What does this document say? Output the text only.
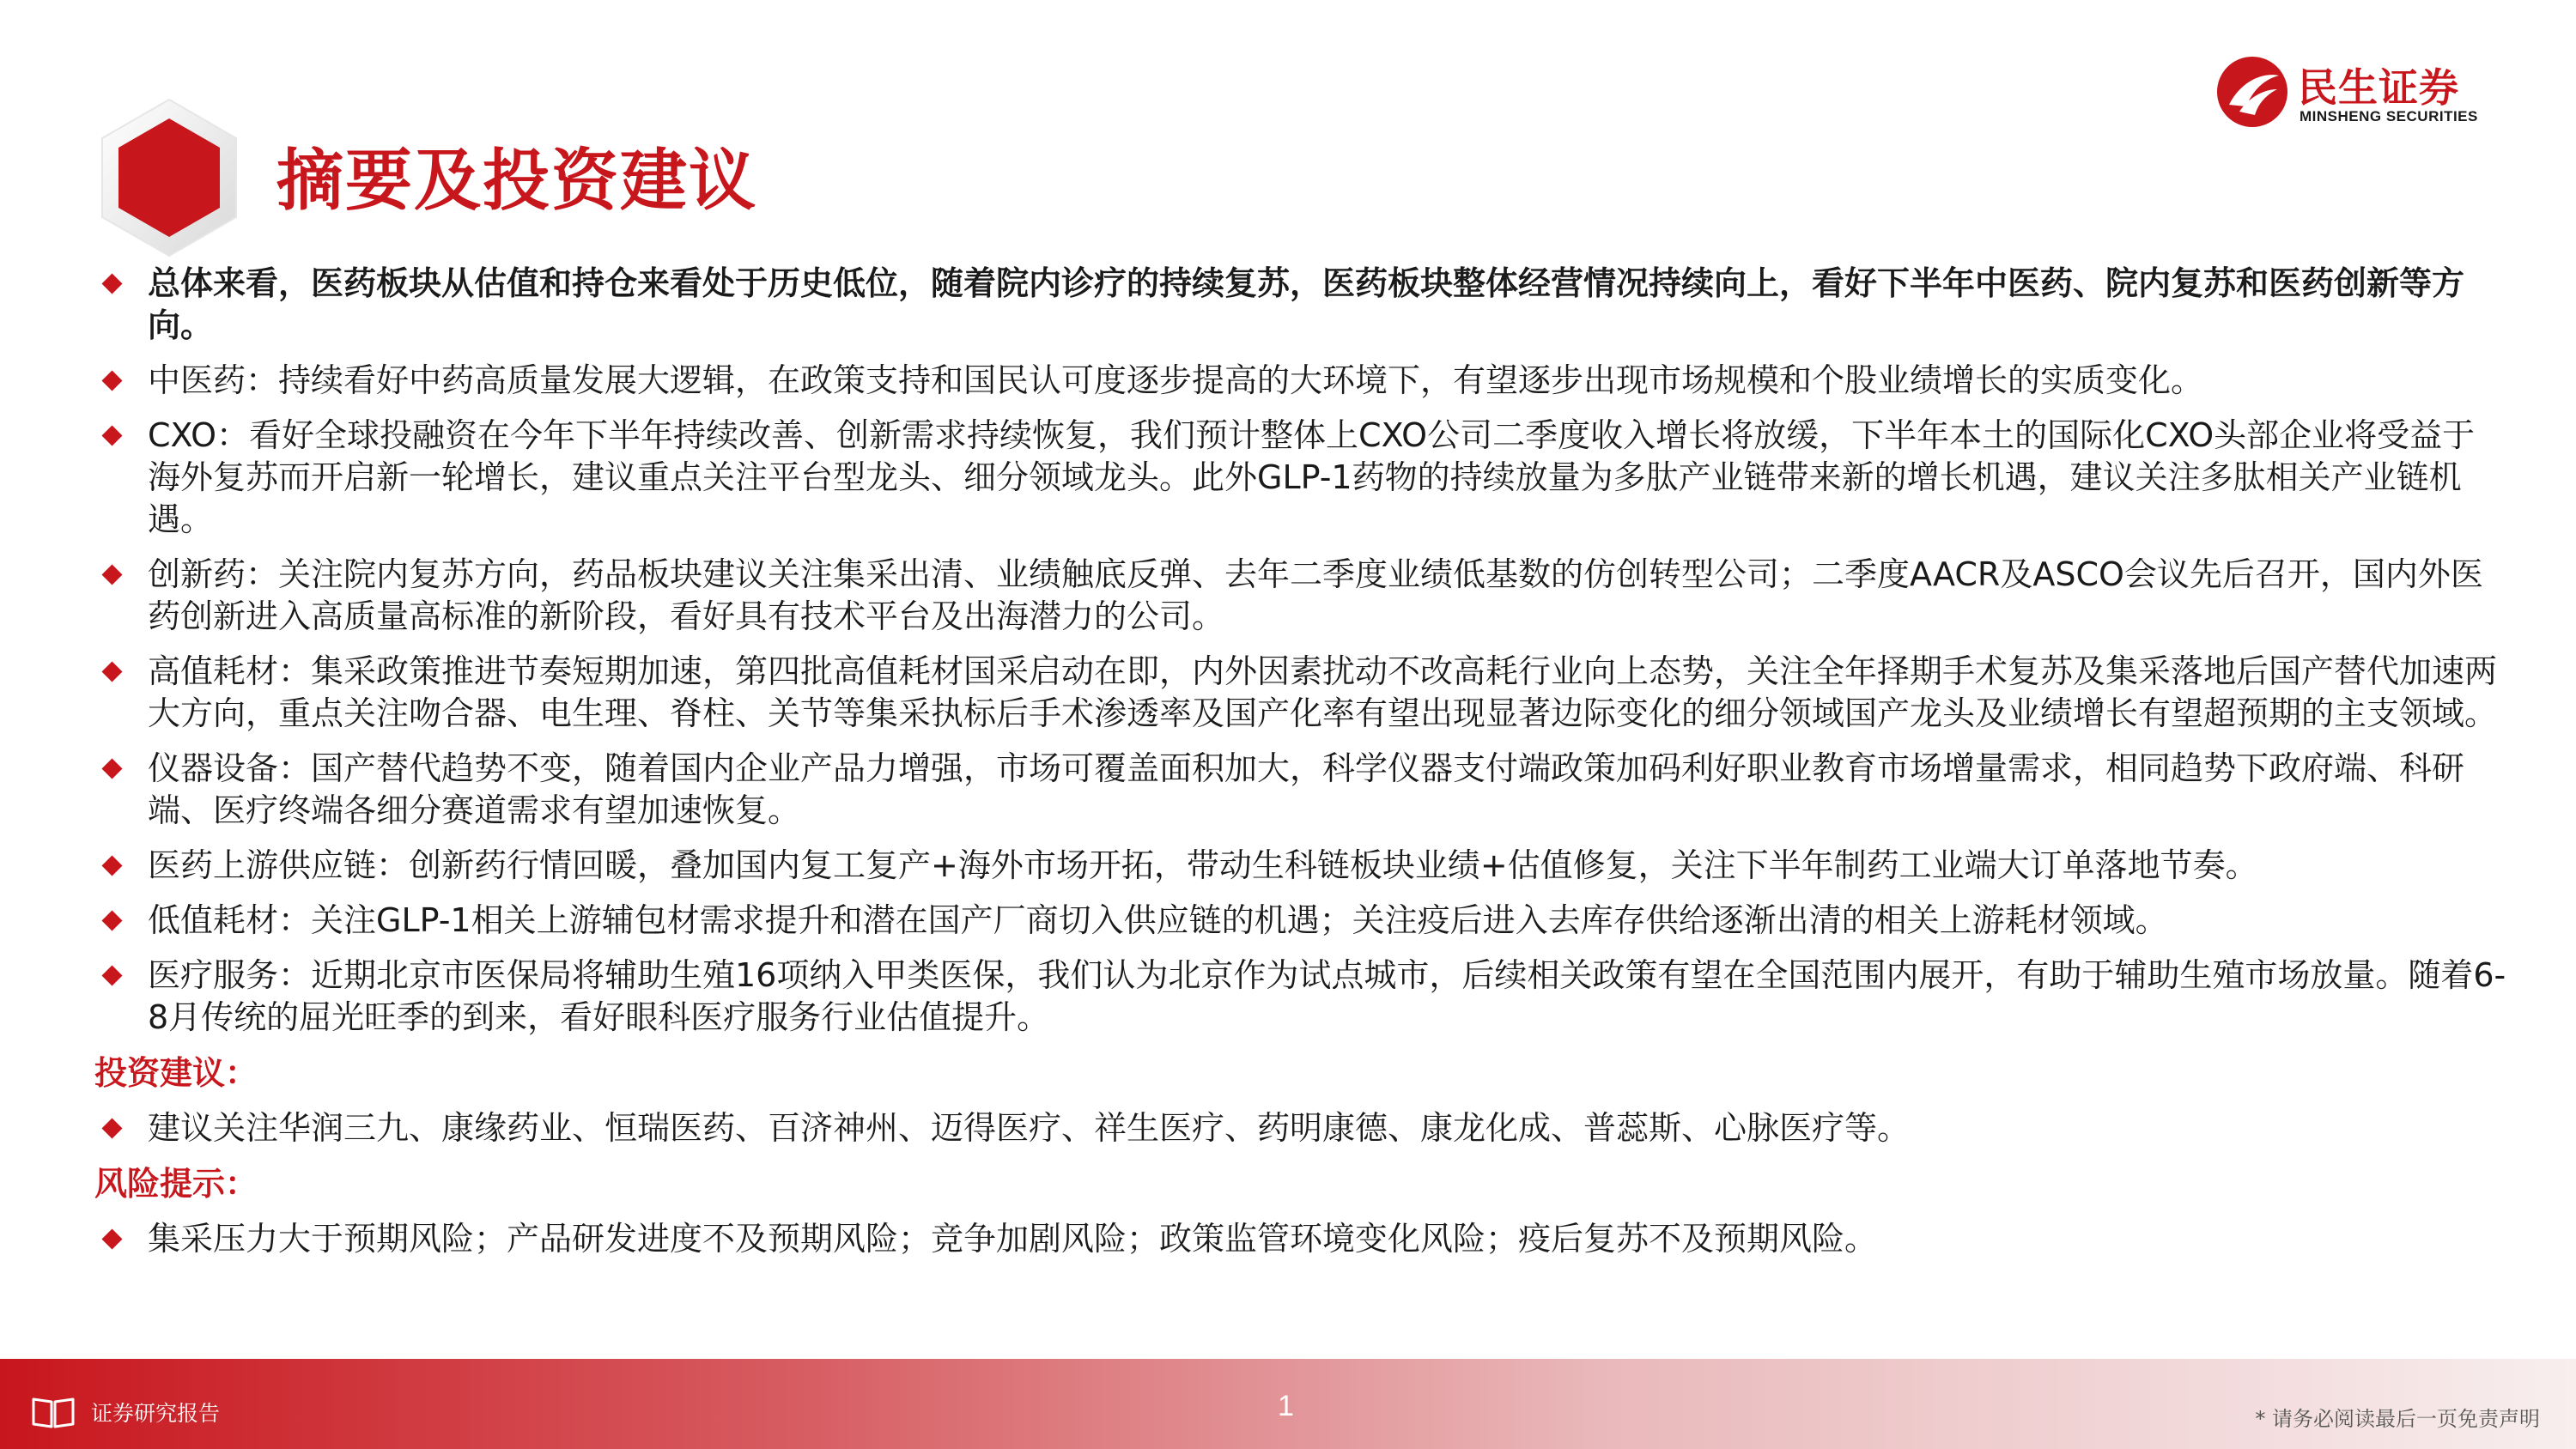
摘要及投资建议
民生证券
MINSHENG SECURITIES
总体来看，医药板块从估值和持仓来看处于历史低位，随着院内诊疗的持续复苏，医药板块整体经营情况持续向上，看好下半年中医药、院内复苏和医药创新等方向。
中医药：持续看好中药高质量发展大逻辑，在政策支持和国民认可度逐步提高的大环境下，有望逐步出现市场规模和个股业绩增长的实质变化。
CXO：看好全球投融资在今年下半年持续改善、创新需求持续恢复，我们预计整体上CXO公司二季度收入增长将放缓，下半年本土的国际化CXO头部企业将受益于海外复苏而开启新一轮增长，建议重点关注平台型龙头、细分领域龙头。此外GLP-1药物的持续放量为多肽产业链带来新的增长机遇，建议关注多肽相关产业链机遇。
创新药：关注院内复苏方向，药品板块建议关注集采出清、业绩触底反弹、去年二季度业绩低基数的仿创转型公司；二季度AACR及ASCO会议先后召开，国内外医药创新进入高质量高标准的新阶段，看好具有技术平台及出海潜力的公司。
高值耗材：集采政策推进节奏短期加速，第四批高值耗材国采启动在即，内外因素扰动不改高耗行业向上态势，关注全年择期手术复苏及集采落地后国产替代加速两大方向，重点关注吻合器、电生理、脊柱、关节等集采执标后手术渗透率及国产化率有望出现显著边际变化的细分领域国产龙头及业绩增长有望超预期的主支领域。
仪器设备：国产替代趋势不变，随着国内企业产品力增强，市场可覆盖面积加大，科学仪器支付端政策加码利好职业教育市场增量需求，相同趋势下政府端、科研端、医疗终端各细分赛道需求有望加速恢复。
医药上游供应链：创新药行情回暖，叠加国内复工复产+海外市场开拓，带动生科链板块业绩+估值修复，关注下半年制药工业端大订单落地节奏。
低值耗材：关注GLP-1相关上游辅包材需求提升和潜在国产厂商切入供应链的机遇；关注疫后进入去库存供给逐渐出清的相关上游耗材领域。
医疗服务：近期北京市医保局将辅助生殖16项纳入甲类医保，我们认为北京作为试点城市，后续相关政策有望在全国范围内展开，有助于辅助生殖市场放量。随着6-8月传统的屈光旺季的到来，看好眼科医疗服务行业估值提升。
投资建议：
建议关注华润三九、康缘药业、恒瑞医药、百济神州、迈得医疗、祥生医疗、药明康德、康龙化成、普蕊斯、心脉医疗等。
风险提示：
集采压力大于预期风险；产品研发进度不及预期风险；竞争加剧风险；政策监管环境变化风险；疫后复苏不及预期风险。
证券研究报告	1	* 请务必阅读最后一页免责声明
